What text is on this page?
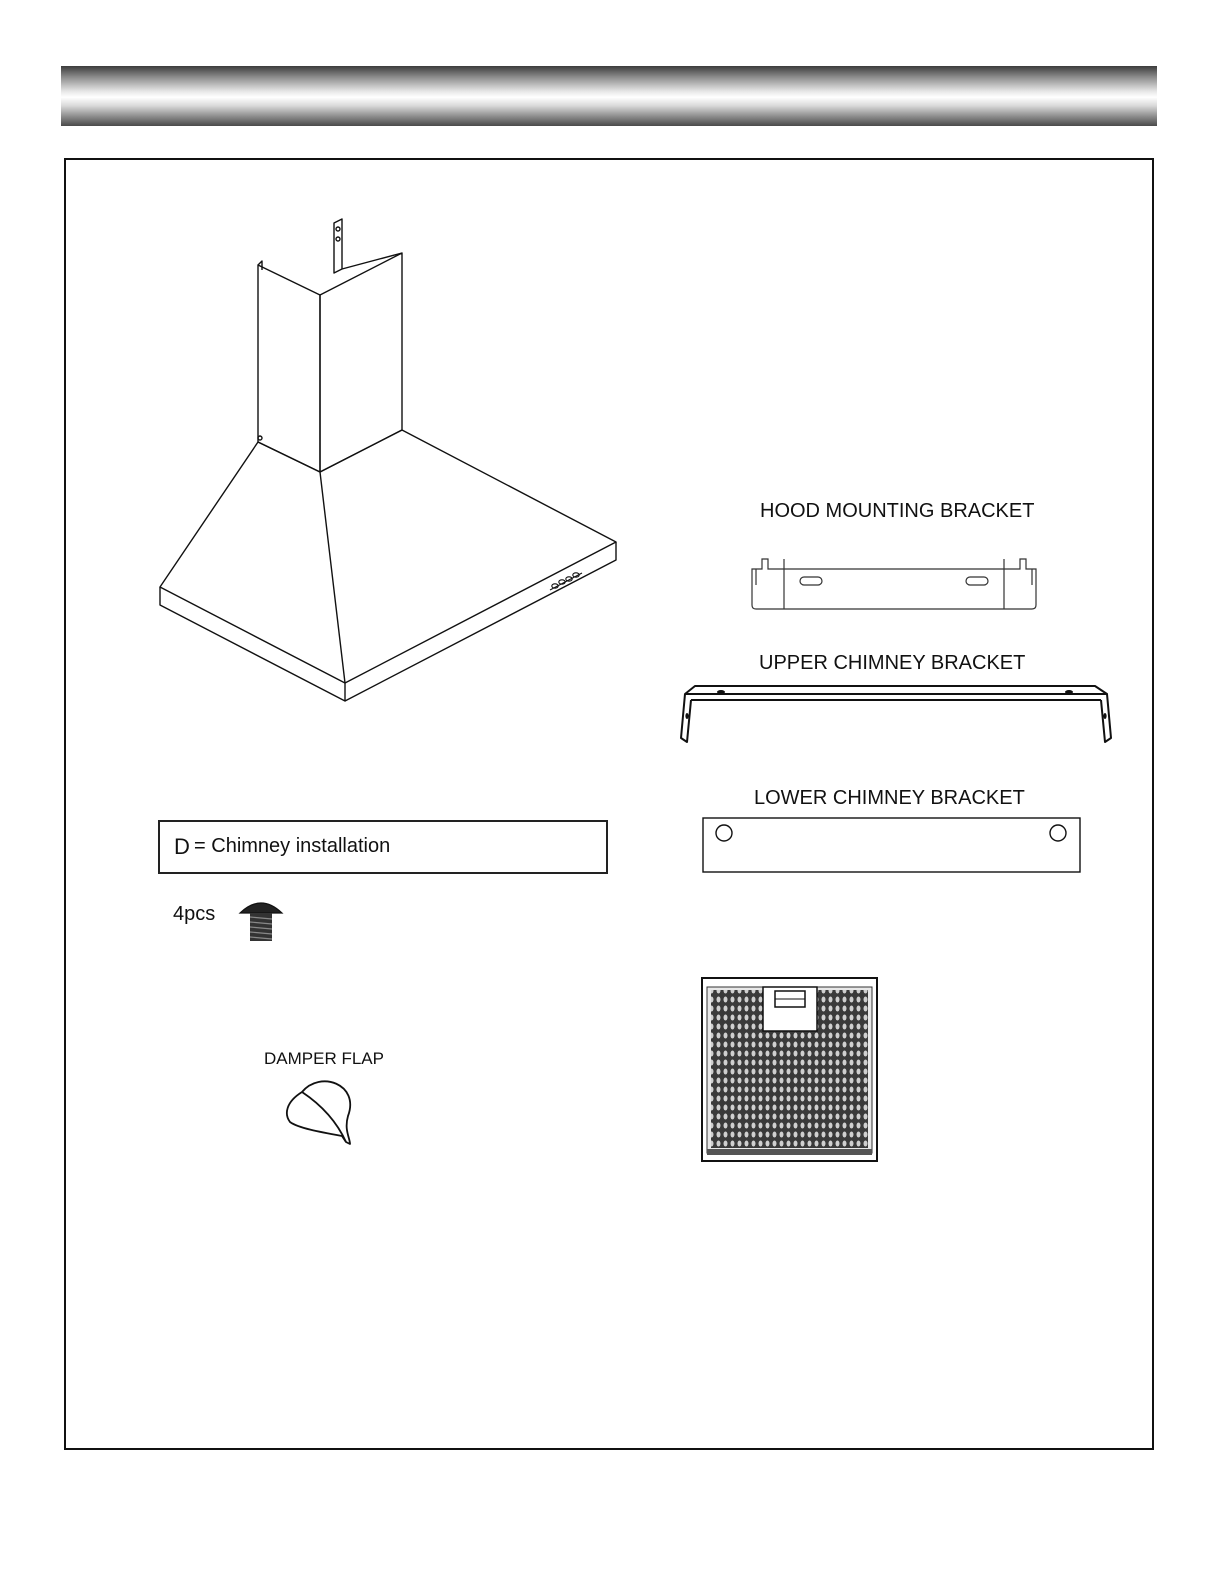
D = Chimney installation
4pcs
DAMPER FLAP
HOOD MOUNTING BRACKET
UPPER CHIMNEY BRACKET
LOWER CHIMNEY BRACKET
